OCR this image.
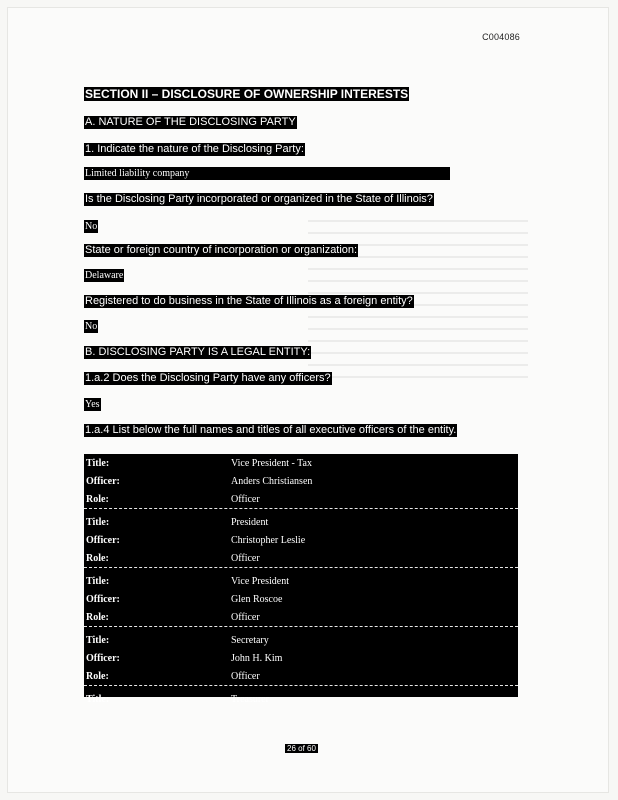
C004086
SECTION II – DISCLOSURE OF OWNERSHIP INTERESTS
A. NATURE OF THE DISCLOSING PARTY
1. Indicate the nature of the Disclosing Party:
Limited liability company
Is the Disclosing Party incorporated or organized in the State of Illinois?
No
State or foreign country of incorporation or organization:
Delaware
Registered to do business in the State of Illinois as a foreign entity?
No
B. DISCLOSING PARTY IS A LEGAL ENTITY:
1.a.2 Does the Disclosing Party have any officers?
Yes
1.a.4 List below the full names and titles of all executive officers of the entity.
Title:	Vice President - Tax
Officer:	Anders Christiansen
Role:	Officer
Title:	President
Officer:	Christopher Leslie
Role:	Officer
Title:	Vice President
Officer:	Glen Roscoe
Role:	Officer
Title:	Secretary
Officer:	John H. Kim
Role:	Officer
Title:	Treasurer
26 of 60
